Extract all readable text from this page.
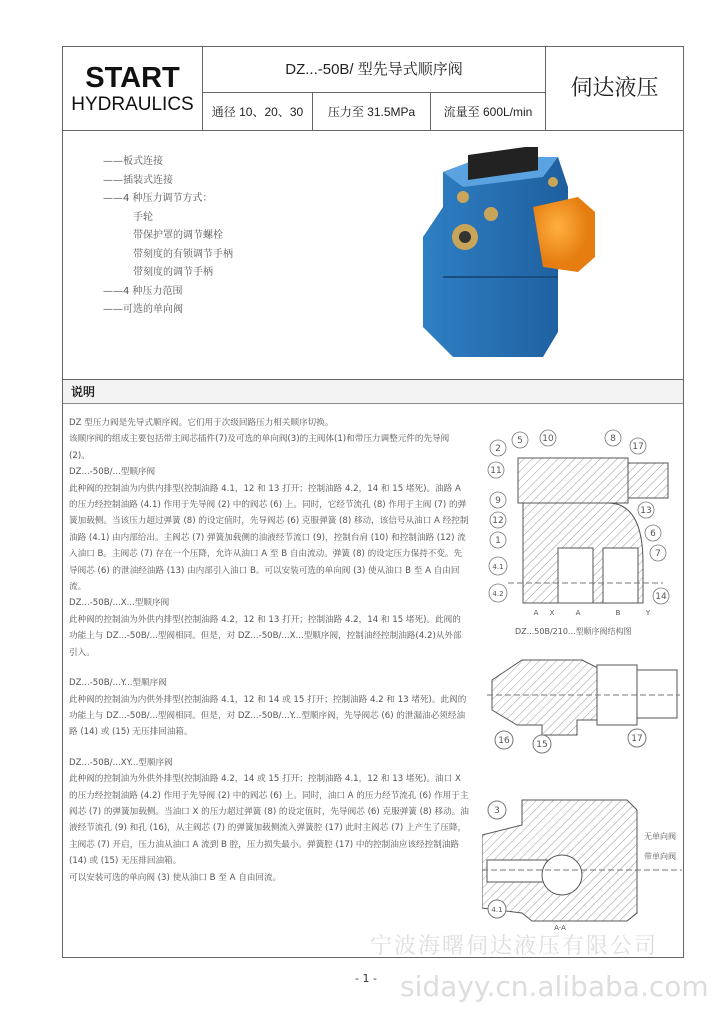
START
HYDRAULICS
DZ...-50B/ 型先导式顺序阀
通径 10、20、30	压力至 31.5MPa	流量至 600L/min
伺达液压
——板式连接
——插装式连接
——4 种压力调节方式：
手轮
带保护罩的调节螺栓
带刻度的有锁调节手柄
带刻度的调节手柄
——4 种压力范围
——可选的单向阀
说明

DZ 型压力阀是先导式顺序阀。它们用于次级回路压力相关顺序切换。

该顺序阀的组成主要包括带主阀芯插件(7)及可选的单向阀(3)的主阀体(1)和带压力调整元件的先导阀(2)。

DZ...-50B/...型顺序阀

此种阀的控制油为内供内排型(控制油路 4.1，12 和 13 打开；控制油路 4.2，14 和 15 堵死)。油路 A 的压力经控制油路 (4.1) 作用于先导阀 (2) 中的阀芯 (6) 上。同时，它经节流孔 (8) 作用于主阀 (7) 的弹簧加载侧。当该压力超过弹簧 (8) 的设定值时，先导阀芯 (6) 克服弹簧 (8) 移动，该信号从油口 A 经控制油路 (4.1) 由内部给出。主阀芯 (7) 弹簧加载侧的油液经节流口 (9)，控制台肩 (10) 和控制油路 (12) 流入油口 B。主阀芯 (7) 存在一个压降，允许从油口 A 至 B 自由流动。弹簧 (8) 的设定压力保持不变。先导阀芯 (6) 的泄油经油路 (13) 由内部引入油口 B。可以安装可选的单向阀 (3) 使从油口 B 至 A 自由回流。

DZ...-50B/...X...型顺序阀

此种阀的控制油为外供内排型(控制油路 4.2，12 和 13 打开；控制油路 4.2，14 和 15 堵死)。此阀的功能上与 DZ...-50B/...型阀相同。但是，对 DZ...-50B/...X...型顺序阀，控制油经控制油路(4.2)从外部引入。

DZ...-50B/...Y...型顺序阀

此种阀的控制油为内供外排型(控制油路 4.1，12 和 14 或 15 打开；控制油路 4.2 和 13 堵死)。此阀的功能上与 DZ...-50B/...型阀相同。但是，对 DZ...-50B/...Y...型顺序阀，先导阀芯 (6) 的泄漏油必须经油路 (14) 或 (15) 无压排回油箱。

DZ...-50B/...XY...型顺序阀

此种阀的控制油为外供外排型(控制油路 4.2，14 或 15 打开；控制油路 4.1，12 和 13 堵死)。油口 X 的压力经控制油路 (4.2) 作用于先导阀 (2) 中的阀芯 (6) 上。同时，油口 A 的压力经节流孔 (6) 作用于主阀芯 (7) 的弹簧加载侧。当油口 X 的压力超过弹簧 (8) 的设定值时，先导阀芯 (6) 克服弹簧 (8) 移动。油液经节流孔 (9) 和孔 (16)，从主阀芯 (7) 的弹簧加载侧流入弹簧腔 (17) 此时主阀芯 (7) 上产生了压降，主阀芯 (7) 开启，压力油从油口 A 流到 B 腔，压力损失最小。弹簧腔 (17) 中的控制油应该经控制油路 (14) 或 (15) 无压排回油箱。

可以安装可选的单向阀 (3) 使从油口 B 至 A 自由回流。

2
5 10	8
17
11
9
12
13
1
6
7
4.1
4.2	14
A X	A	B	Y
DZ...50B/210...型顺序阀结构图
16	15
17
3
4.1
无单向阀
带单向阀
A-A
宁波海曙伺达液压有限公司
- 1 - sidayy.cn.alibaba.com
